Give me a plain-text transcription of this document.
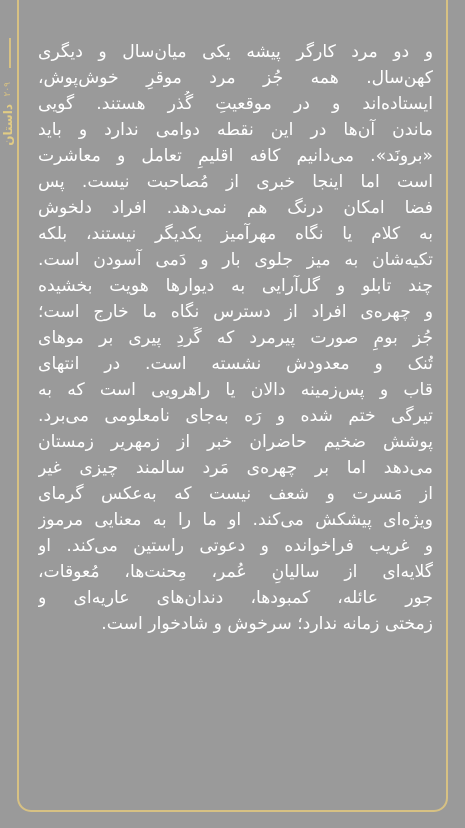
۲۰۹
داستان
و دو مرد کارگر پیشه یکی میان‌سال و دیگری
کهن‌سال. همه جُز مرد موقرِ خوش‌پوش،
ایستاده‌اند و در موقعیتِ گُذر هستند. گویی
ماندن آن‌ها در این نقطه دوامی ندارد و باید
«برونَد». می‌دانیم کافه اقلیمِ تعامل و معاشرت
است اما اینجا خبری از مُصاحبت نیست. پس
فضا امکان درنگ هم نمی‌دهد. افراد دلخوش
به کلام یا نگاه مهرآمیز یکدیگر نیستند، بلکه
تکیه‌شان به میز جلوی بار و دَمی آسودن است.
چند تابلو و گل‌آرایی به دیوارها هویت بخشیده
و چهره‌ی افراد از دسترس نگاه ما خارج است؛
جُز بومِ صورت پیرمرد که گَردِ پیری بر موهای
تُنک و معدودش نشسته است. در انتهای
قاب و پس‌زمینه دالان یا راهرویی است که به
تیرگی ختم شده و رَه به‌جای نامعلومی می‌برد.
پوشش ضخیم حاضران خبر از زمهریر زمستان
می‌دهد اما بر چهره‌ی مَرد سالمند چیزی غیر
از مَسرت و شعف نیست که به‌عکس گرمای
ویژه‌ای پیشکش می‌کند. او ما را به معنایی مرموز
و غریب فراخوانده و دعوتی راستین می‌کند. او
گلایه‌ای از سالیانِ عُمر، مِحنت‌ها، مُعوقات،
جور عائله، کمبودها، دندان‌های عاریه‌ای و
زمختی زمانه ندارد؛ سرخوش و شادخوار است.
